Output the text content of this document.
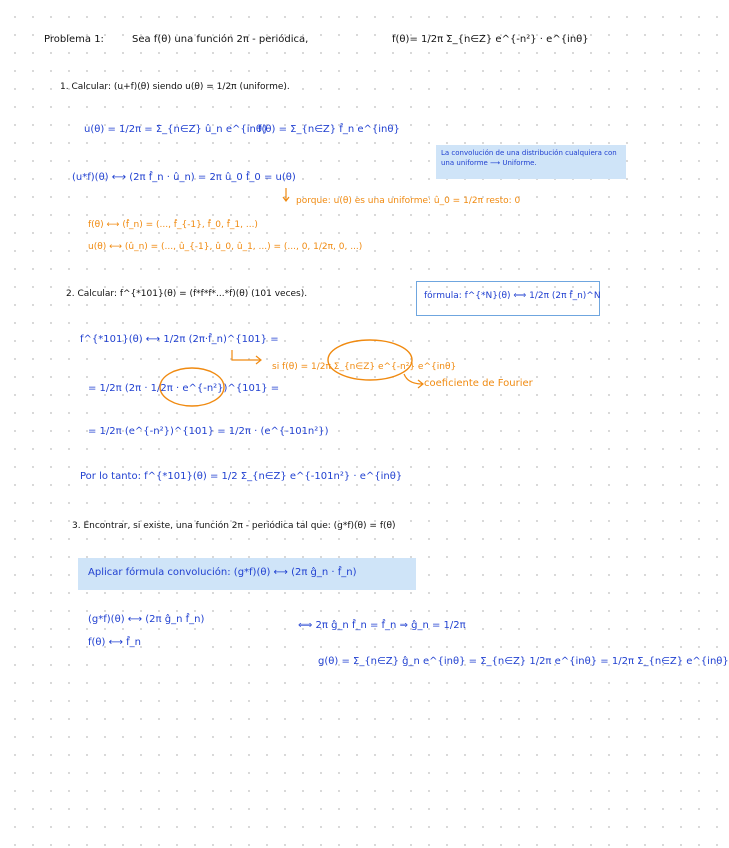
Problema 1:	Sea f(θ) una función 2π - periódica,	f(θ)= 1/2π Σ_{n∈Z} e^{-n²} · e^{inθ}
1. Calcular: (u+f)(θ) siendo u(θ) = 1/2π (uniforme).
u(θ) = 1/2π = Σ_{n∈Z} û_n e^{inθ}
f(θ) = Σ_{n∈Z} f̂_n e^{inθ}
La convolución de una distribución cualquiera con una uniforme ⟶ Uniforme.
(u*f)(θ) ⟷ (2π f̂_n · û_n) = 2π û_0 f̂_0 = u(θ)
porque: u(θ) es una uniforme: û_0 = 1/2π resto: 0
f(θ) ⟷ (f̂_n) = (..., f̂_{-1}, f̂_0, f̂_1, ...)
u(θ) ⟷ (û_n) = (..., û_{-1}, û_0, û_1, ...) = (..., 0, 1/2π, 0, ...)
2. Calcular: f^{*101}(θ) = (f*f*f*...*f)(θ) (101 veces).	fórmula: f^{*N}(θ) ⟺ 1/2π (2π f̂_n)^N
f^{*101}(θ) ⟷ 1/2π (2π·f̂_n)^{101} =
si f(θ) = 1/2π Σ_{n∈Z} e^{-n²} e^{inθ}
coeficiente de Fourier
= 1/2π (2π · 1/2π · e^{-n²})^{101} =
= 1/2π (e^{-n²})^{101} = 1/2π · (e^{-101n²})
Por lo tanto: f^{*101}(θ) = 1/2 Σ_{n∈Z} e^{-101n²} · e^{inθ}
3. Encontrar, si existe, una función 2π - periódica tal que: (g*f)(θ) = f(θ)
Aplicar fórmula convolución: (g*f)(θ) ⟷ (2π ĝ_n · f̂_n)
(g*f)(θ) ⟷ (2π ĝ_n f̂_n)
f(θ) ⟷ f̂_n
⟺ 2π ĝ_n f̂_n = f̂_n ⇒ ĝ_n = 1/2π
g(θ) = Σ_{n∈Z} ĝ_n e^{inθ} = Σ_{n∈Z} 1/2π e^{inθ} = 1/2π Σ_{n∈Z} e^{inθ}
